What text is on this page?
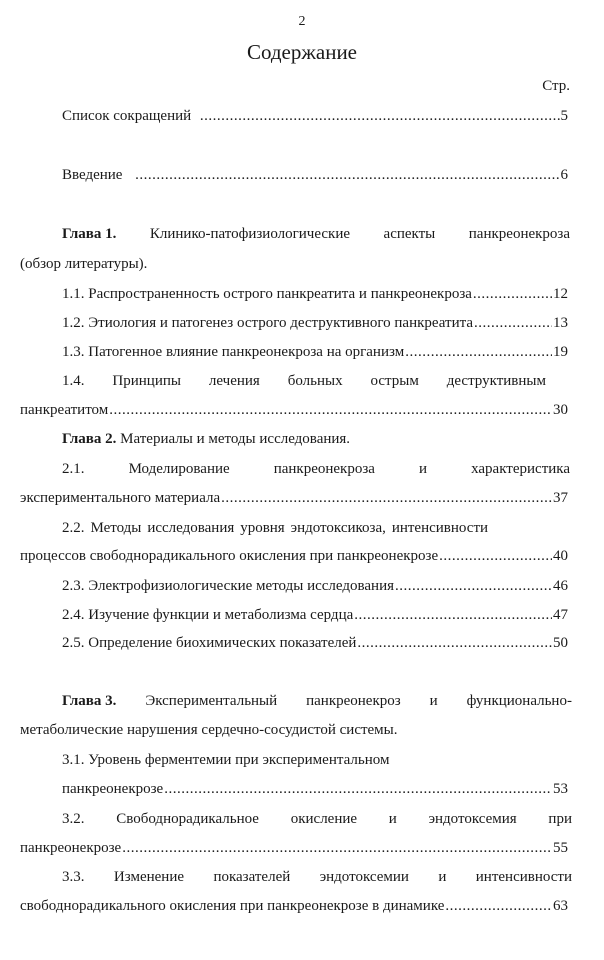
2
Содержание
Стр.
Список сокращений .....	5
Введение .....	6
Глава 1. Клинико-патофизиологические аспекты панкреонекроза
(обзор литературы).
1.1. Распространенность острого панкреатита и панкреонекроза .....	12
1.2. Этиология и патогенез острого деструктивного панкреатита .....	13
1.3. Патогенное влияние панкреонекроза на организм .....	19
1.4. Принципы лечения больных острым деструктивным
панкреатитом .....	30
Глава 2. Материалы и методы исследования.
2.1.	Моделирование	панкреонекроза	и	характеристика
экспериментального материала .....	37
2.2. Методы исследования уровня эндотоксикоза, интенсивности
процессов свободнорадикального окисления при панкреонекрозе .....	40
2.3. Электрофизиологические методы исследования .....	46
2.4. Изучение функции и метаболизма сердца .....	47
2.5. Определение биохимических показателей .....	50
Глава 3. Экспериментальный панкреонекроз и функционально-
метаболические нарушения сердечно-сосудистой системы.
3.1. Уровень ферментемии при экспериментальном
панкреонекрозе .....	53
3.2. Свободнорадикальное окисление и эндотоксемия при
панкреонекрозе .....	55
3.3. Изменение показателей эндотоксемии и интенсивности
свободнорадикального окисления при панкреонекрозе в динамике .....	63
